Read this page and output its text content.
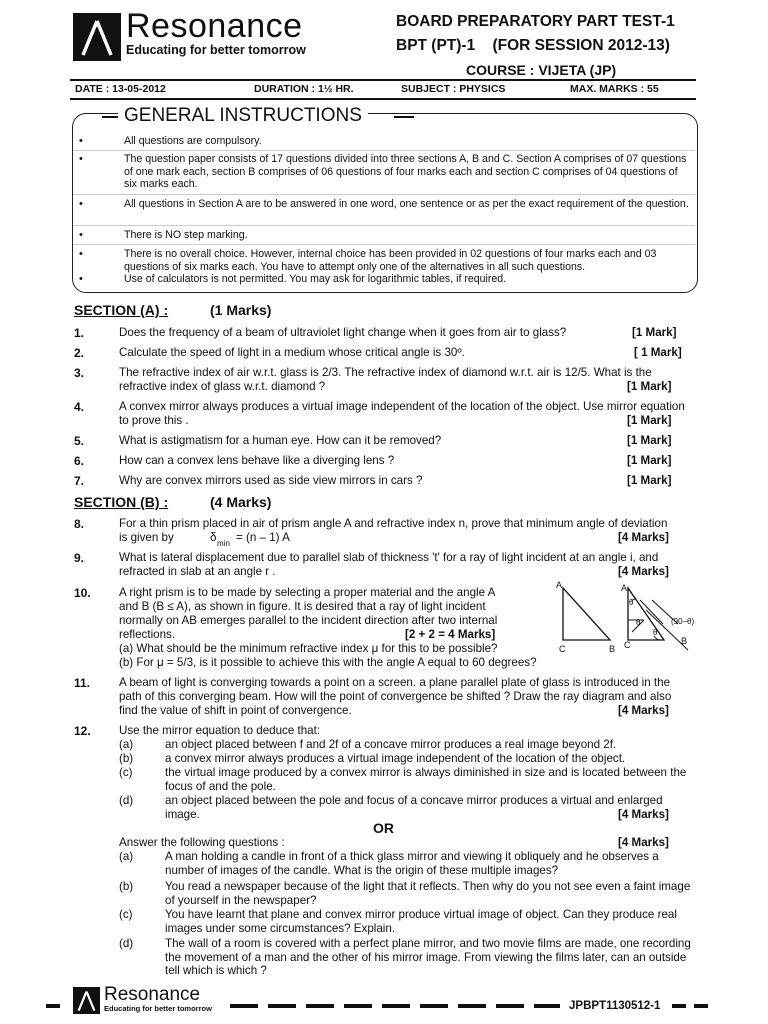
Resonance
Educating for better tomorrow
BOARD PREPARATORY PART TEST-1
BPT (PT)-1    (FOR SESSION 2012-13)
COURSE : VIJETA (JP)
DATE : 13-05-2012	DURATION : 1½ HR.	SUBJECT : PHYSICS	MAX. MARKS : 55
GENERAL INSTRUCTIONS
•	All questions are compulsory.
•	The question paper consists of 17 questions divided into three sections A, B and C. Section A comprises of 07 questions of one mark each, section B comprises of 06 questions of four marks each and section C comprises of 04 questions of six marks each.
•	All questions in Section A are to be answered in one word, one sentence or as per the exact requirement of the question.
•	There is NO step marking.
•	There is no overall choice. However, internal choice has been provided in 02 questions of four marks each and 03 questions of six marks each. You have to attempt only one of the alternatives in all such questions.
•	Use of calculators is not permitted. You may ask for logarithmic tables, if required.
SECTION (A) :	(1 Marks)
1.	Does the frequency of a beam of ultraviolet light change when it goes from air to glass?	[1 Mark]
2.	Calculate the speed of light in a medium whose critical angle is 30º.	[ 1 Mark]
3.	The refractive index of air w.r.t. glass is 2/3. The refractive index of diamond w.r.t. air is 12/5. What is the refractive index of glass w.r.t. diamond ?	[1 Mark]
4.	A convex mirror always produces a virtual image independent of the location of the object. Use mirror equation to prove this .	[1 Mark]
5.	What is astigmatism for a human eye. How can it be removed?	[1 Mark]
6.	How can a convex lens behave like a diverging lens ?	[1 Mark]
7.	Why are convex mirrors used as side view mirrors in cars ?	[1 Mark]
SECTION (B) :	(4 Marks)
8.	For a thin prism placed in air of prism angle A and refractive index n, prove that minimum angle of deviation
is given by	δ min = (n – 1) A	[4 Marks]
9.	What is lateral displacement due to parallel slab of thickness 't' for a ray of light incident at an angle i, and
refracted in slab at an angle r .	[4 Marks]
10. A right prism is to be made by selecting a proper material and the angle A
and B (B ≤ A), as shown in figure. It is desired that a ray of light incident
normally on AB emerges parallel to the incident direction after two internal
reflections.	[2 + 2 = 4 Marks]
(a) What should be the minimum refractive index μ for this to be possible?
(b) For μ = 5/3, is it possible to achieve this with the angle A equal to 60 degrees?
A
C	B
A
θ
θ
θ
(90–θ)
B
C
11. A beam of light is converging towards a point on a screen. a plane parallel plate of glass is introduced in the
path of this converging beam. How will the point of convergence be shifted ? Draw the ray diagram and also
find the value of shift in point of convergence.	[4 Marks]
12. Use the mirror equation to deduce that:
(a)	an object placed between f and 2f of a concave mirror produces a real image beyond 2f.
(b)	a convex mirror always produces a virtual image independent of the location of the object.
(c)	the virtual image produced by a convex mirror is always diminished in size and is located between the focus of and the pole.
(d)	an object placed between the pole and focus of a concave mirror produces a virtual and enlarged image.	[4 Marks]
OR
Answer the following questions :	[4 Marks]
(a)	A man holding a candle in front of a thick glass mirror and viewing it obliquely and he observes a number of images of the candle. What is the origin of these multiple images?
(b)	You read a newspaper because of the light that it reflects. Then why do you not see even a faint image of yourself in the newspaper?
(c)	You have learnt that plane and convex mirror produce virtual image of object. Can they produce real images under some circumstances? Explain.
(d)	The wall of a room is covered with a perfect plane mirror, and two movie films are made, one recording the movement of a man and the other of his mirror image. From viewing the films later, can an outside tell which is which ?
Resonance
Educating for better tomorrow	JPBPT1130512-1
